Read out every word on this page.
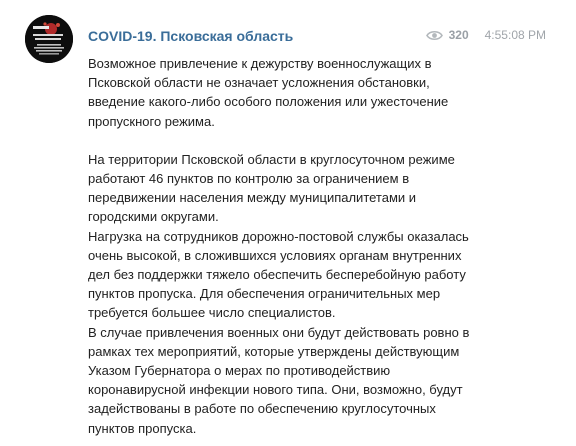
COVID-19. Псковская область	320 4:55:08 PM

Возможное привлечение к дежурству военнослужащих в
Псковской области не означает усложнения обстановки,
введение какого-либо особого положения или ужесточение
пропускного режима.

На территории Псковской области в круглосуточном режиме
работают 46 пунктов по контролю за ограничением в
передвижении населения между муниципалитетами и
городскими округами.

Нагрузка на сотрудников дорожно-постовой службы оказалась
очень высокой, в сложившихся условиях органам внутренних
дел без поддержки тяжело обеспечить бесперебойную работу
пунктов пропуска. Для обеспечения ограничительных мер
требуется большее число специалистов.

В случае привлечения военных они будут действовать ровно в
рамках тех мероприятий, которые утверждены действующим
Указом Губернатора о мерах по противодействию
коронавирусной инфекции нового типа. Они, возможно, будут
задействованы в работе по обеспечению круглосуточных
пунктов пропуска.
